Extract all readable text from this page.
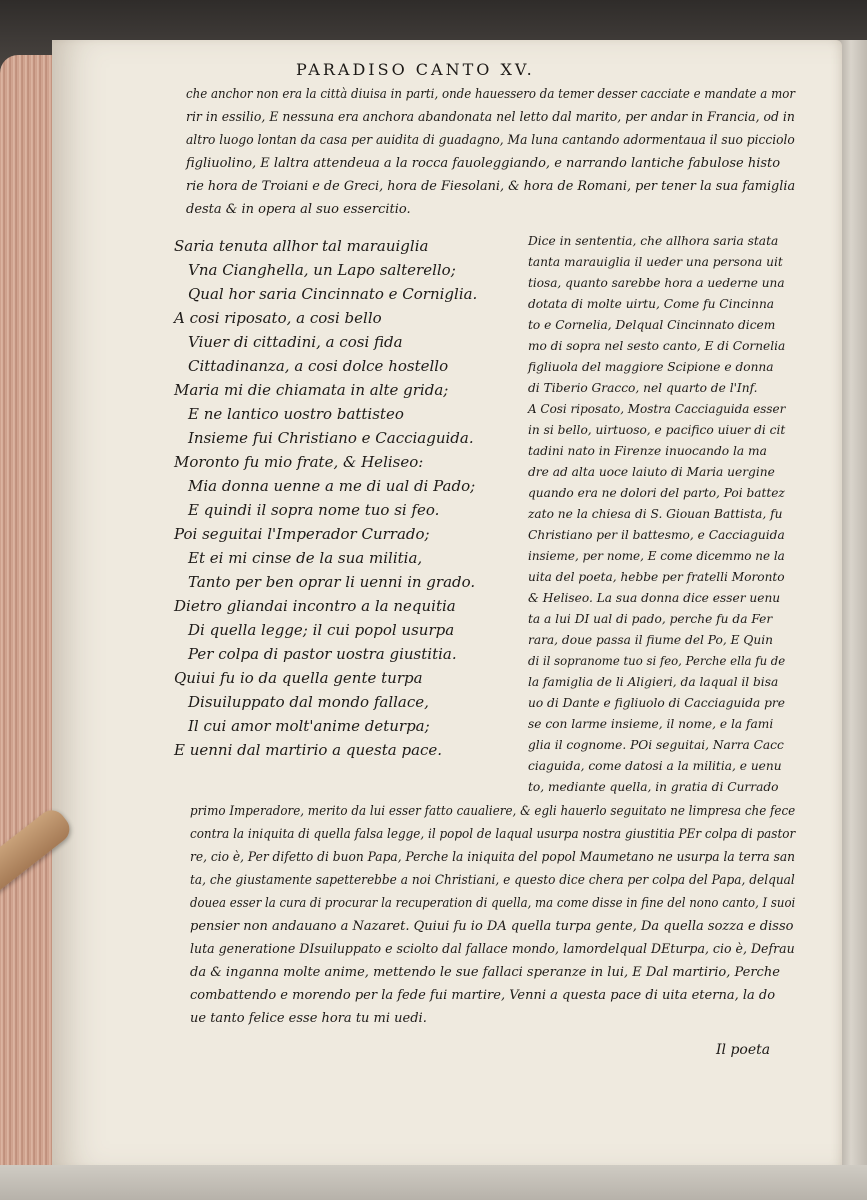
PARADISO CANTO XV.
che anchor non era la città diuisa in parti, onde hauessero da temer desser cacciate e mandate a mor
rir in essilio, E nessuna era anchora abandonata nel letto dal marito, per andar in Francia, od in
altro luogo lontan da casa per auidita di guadagno, Ma luna cantando adormentaua il suo picciolo
figliuolino, E laltra attendeua a la rocca fauoleggiando, e narrando lantiche fabulose histo
rie hora de Troiani e de Greci, hora de Fiesolani, & hora de Romani, per tener la sua famiglia
desta & in opera al suo essercitio.
Saria tenuta allhor tal marauiglia
Vna Cianghella, un Lapo salterello;
Qual hor saria Cincinnato e Corniglia.
A cosi riposato, a cosi bello
Viuer di cittadini, a cosi fida
Cittadinanza, a cosi dolce hostello
Maria mi die chiamata in alte grida;
E ne lantico uostro battisteo
Insieme fui Christiano e Cacciaguida.
Moronto fu mio frate, & Heliseo:
Mia donna uenne a me di ual di Pado;
E quindi il sopra nome tuo si feo.
Poi seguitai l'Imperador Currado;
Et ei mi cinse de la sua militia,
Tanto per ben oprar li uenni in grado.
Dietro gliandai incontro a la nequitia
Di quella legge; il cui popol usurpa
Per colpa di pastor uostra giustitia.
Quiui fu io da quella gente turpa
Disuiluppato dal mondo fallace,
Il cui amor molt'anime deturpa;
E uenni dal martirio a questa pace.
Dice in sententia, che allhora saria stata
tanta marauiglia il ueder una persona uit
tiosa, quanto sarebbe hora a uederne una
dotata di molte uirtu, Come fu Cincinna
to e Cornelia, Delqual Cincinnato dicem
mo di sopra nel sesto canto, E di Cornelia
figliuola del maggiore Scipione e donna
di Tiberio Gracco, nel quarto de l'Inf.
A Cosi riposato, Mostra Cacciaguida esser
in si bello, uirtuoso, e pacifico uiuer di cit
tadini nato in Firenze inuocando la ma
dre ad alta uoce laiuto di Maria uergine
quando era ne dolori del parto, Poi battez
zato ne la chiesa di S. Giouan Battista, fu
Christiano per il battesmo, e Cacciaguida
insieme, per nome, E come dicemmo ne la
uita del poeta, hebbe per fratelli Moronto
& Heliseo. La sua donna dice esser uenu
ta a lui DI ual di pado, perche fu da Fer
rara, doue passa il fiume del Po, E Quin
di il sopranome tuo si feo, Perche ella fu de
la famiglia de li Aligieri, da laqual il bisa
uo di Dante e figliuolo di Cacciaguida pre
se con larme insieme, il nome, e la fami
glia il cognome. POi seguitai, Narra Cacc
ciaguida, come datosi a la militia, e uenu
to, mediante quella, in gratia di Currado
primo Imperadore, merito da lui esser fatto caualiere, & egli hauerlo seguitato ne limpresa che fece
contra la iniquita di quella falsa legge, il popol de laqual usurpa nostra giustitia PEr colpa di pastor
re, cio è, Per difetto di buon Papa, Perche la iniquita del popol Maumetano ne usurpa la terra san
ta, che giustamente sapetterebbe a noi Christiani, e questo dice chera per colpa del Papa, delqual
douea esser la cura di procurar la recuperation di quella, ma come disse in fine del nono canto, I suoi
pensier non andauano a Nazaret. Quiui fu io DA quella turpa gente, Da quella sozza e disso
luta generatione DIsuiluppato e sciolto dal fallace mondo, lamordelqual DEturpa, cio è, Defrau
da & inganna molte anime, mettendo le sue fallaci speranze in lui, E Dal martirio, Perche
combattendo e morendo per la fede fui martire, Venni a questa pace di uita eterna, la do
ue tanto felice esse hora tu mi uedi.
Il poeta
